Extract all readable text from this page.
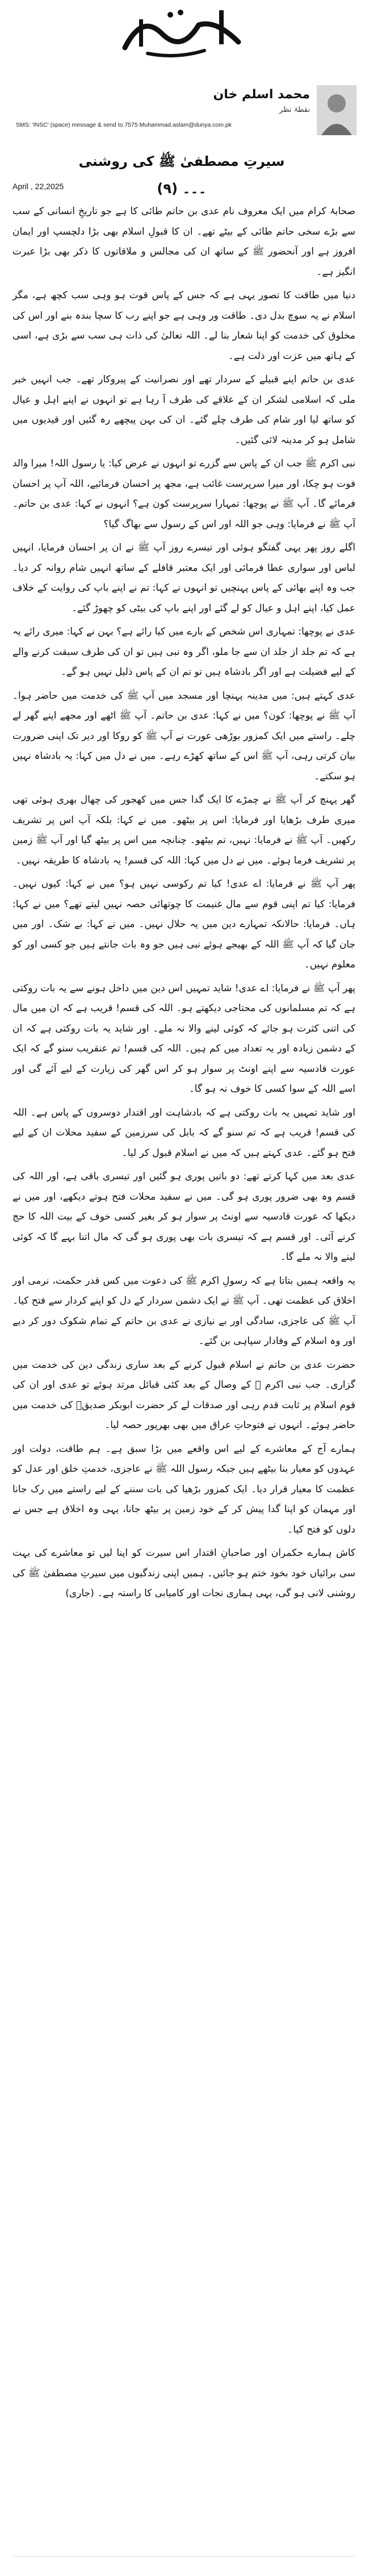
محمد اسلم خان
نقطۂ نظر
SMS: 'INSC' (space) message & send to 7575 Muhammad.aslam@dunya.com.pk
سیرتِ مصطفیٰ ﷺ کی روشنی ۔۔۔ (۹)
April , 22,2025

صحابۂ کرام میں ایک معروف نام عدی بن حاتم طائی کا ہے جو تاریخِ انسانی کے سب سے بڑے سخی حاتم طائی کے بیٹے تھے۔ ان کا قبولِ اسلام بھی بڑا دلچسپ اور ایمان افروز ہے اور آنحضور ﷺ کے ساتھ ان کی مجالس و ملاقاتوں کا ذکر بھی بڑا عبرت انگیز ہے۔

دنیا میں طاقت کا تصور یہی ہے کہ جس کے پاس قوت ہو وہی سب کچھ ہے، مگر اسلام نے یہ سوچ بدل دی۔ طاقت ور وہی ہے جو اپنے رب کا سچا بندہ بنے اور اس کی مخلوق کی خدمت کو اپنا شعار بنا لے۔ اللہ تعالیٰ کی ذات ہی سب سے بڑی ہے، اسی کے ہاتھ میں عزت اور ذلت ہے۔

عدی بن حاتم اپنے قبیلے کے سردار تھے اور نصرانیت کے پیروکار تھے۔ جب انہیں خبر ملی کہ اسلامی لشکر ان کے علاقے کی طرف آ رہا ہے تو انہوں نے اپنے اہل و عیال کو ساتھ لیا اور شام کی طرف چلے گئے۔ ان کی بہن پیچھے رہ گئیں اور قیدیوں میں شامل ہو کر مدینہ لائی گئیں۔

نبی اکرم ﷺ جب ان کے پاس سے گزرے تو انہوں نے عرض کیا: یا رسول اللہ! میرا والد فوت ہو چکا، اور میرا سرپرست غائب ہے، مجھ پر احسان فرمائیے، اللہ آپ پر احسان فرمائے گا۔ آپ ﷺ نے پوچھا: تمہارا سرپرست کون ہے؟ انہوں نے کہا: عدی بن حاتم۔ آپ ﷺ نے فرمایا: وہی جو اللہ اور اس کے رسول سے بھاگ گیا؟

اگلے روز پھر یہی گفتگو ہوئی اور تیسرے روز آپ ﷺ نے ان پر احسان فرمایا، انہیں لباس اور سواری عطا فرمائی اور ایک معتبر قافلے کے ساتھ انہیں شام روانہ کر دیا۔ جب وہ اپنے بھائی کے پاس پہنچیں تو انہوں نے کہا: تم نے اپنے باپ کی روایت کے خلاف عمل کیا، اپنے اہل و عیال کو لے گئے اور اپنے باپ کی بیٹی کو چھوڑ گئے۔

عدی نے پوچھا: تمہاری اس شخص کے بارے میں کیا رائے ہے؟ بہن نے کہا: میری رائے یہ ہے کہ تم جلد از جلد ان سے جا ملو، اگر وہ نبی ہیں تو ان کی طرف سبقت کرنے والے کے لیے فضیلت ہے اور اگر بادشاہ ہیں تو تم ان کے پاس ذلیل نہیں ہو گے۔

عدی کہتے ہیں: میں مدینہ پہنچا اور مسجد میں آپ ﷺ کی خدمت میں حاضر ہوا۔ آپ ﷺ نے پوچھا: کون؟ میں نے کہا: عدی بن حاتم۔ آپ ﷺ اٹھے اور مجھے اپنے گھر لے چلے۔ راستے میں ایک کمزور بوڑھی عورت نے آپ ﷺ کو روکا اور دیر تک اپنی ضرورت بیان کرتی رہی، آپ ﷺ اس کے ساتھ کھڑے رہے۔ میں نے دل میں کہا: یہ بادشاہ نہیں ہو سکتے۔

گھر پہنچ کر آپ ﷺ نے چمڑے کا ایک گدا جس میں کھجور کی چھال بھری ہوئی تھی میری طرف بڑھایا اور فرمایا: اس پر بیٹھو۔ میں نے کہا: بلکہ آپ اس پر تشریف رکھیں۔ آپ ﷺ نے فرمایا: نہیں، تم بیٹھو۔ چنانچہ میں اس پر بیٹھ گیا اور آپ ﷺ زمین پر تشریف فرما ہوئے۔ میں نے دل میں کہا: اللہ کی قسم! یہ بادشاہ کا طریقہ نہیں۔

پھر آپ ﷺ نے فرمایا: اے عدی! کیا تم رکوسی نہیں ہو؟ میں نے کہا: کیوں نہیں۔ فرمایا: کیا تم اپنی قوم سے مال غنیمت کا چوتھائی حصہ نہیں لیتے تھے؟ میں نے کہا: ہاں۔ فرمایا: حالانکہ تمہارے دین میں یہ حلال نہیں۔ میں نے کہا: بے شک۔ اور میں جان گیا کہ آپ ﷺ اللہ کے بھیجے ہوئے نبی ہیں جو وہ بات جانتے ہیں جو کسی اور کو معلوم نہیں۔

پھر آپ ﷺ نے فرمایا: اے عدی! شاید تمہیں اس دین میں داخل ہونے سے یہ بات روکتی ہے کہ تم مسلمانوں کی محتاجی دیکھتے ہو۔ اللہ کی قسم! قریب ہے کہ ان میں مال کی اتنی کثرت ہو جائے کہ کوئی لینے والا نہ ملے۔ اور شاید یہ بات روکتی ہے کہ ان کے دشمن زیادہ اور یہ تعداد میں کم ہیں۔ اللہ کی قسم! تم عنقریب سنو گے کہ ایک عورت قادسیہ سے اپنے اونٹ پر سوار ہو کر اس گھر کی زیارت کے لیے آئے گی اور اسے اللہ کے سوا کسی کا خوف نہ ہو گا۔

اور شاید تمہیں یہ بات روکتی ہے کہ بادشاہت اور اقتدار دوسروں کے پاس ہے۔ اللہ کی قسم! قریب ہے کہ تم سنو گے کہ بابل کی سرزمین کے سفید محلات ان کے لیے فتح ہو گئے۔ عدی کہتے ہیں کہ میں نے اسلام قبول کر لیا۔

عدی بعد میں کہا کرتے تھے: دو باتیں پوری ہو گئیں اور تیسری باقی ہے، اور اللہ کی قسم وہ بھی ضرور پوری ہو گی۔ میں نے سفید محلات فتح ہوتے دیکھے، اور میں نے دیکھا کہ عورت قادسیہ سے اونٹ پر سوار ہو کر بغیر کسی خوف کے بیت اللہ کا حج کرنے آئی۔ اور قسم ہے کہ تیسری بات بھی پوری ہو گی کہ مال اتنا بہے گا کہ کوئی لینے والا نہ ملے گا۔

یہ واقعہ ہمیں بتاتا ہے کہ رسولِ اکرم ﷺ کی دعوت میں کس قدر حکمت، نرمی اور اخلاق کی عظمت تھی۔ آپ ﷺ نے ایک دشمن سردار کے دل کو اپنے کردار سے فتح کیا۔ آپ ﷺ کی عاجزی، سادگی اور بے نیازی نے عدی بن حاتم کے تمام شکوک دور کر دیے اور وہ اسلام کے وفادار سپاہی بن گئے۔

حضرت عدی بن حاتم نے اسلام قبول کرنے کے بعد ساری زندگی دین کی خدمت میں گزاری۔ جب نبی اکرم ﷺ کے وصال کے بعد کئی قبائل مرتد ہوئے تو عدی اور ان کی قوم اسلام پر ثابت قدم رہی اور صدقات لے کر حضرت ابوبکر صدیقؓ کی خدمت میں حاضر ہوئے۔ انہوں نے فتوحاتِ عراق میں بھی بھرپور حصہ لیا۔

ہمارے آج کے معاشرے کے لیے اس واقعے میں بڑا سبق ہے۔ ہم طاقت، دولت اور عہدوں کو معیار بنا بیٹھے ہیں جبکہ رسول اللہ ﷺ نے عاجزی، خدمتِ خلق اور عدل کو عظمت کا معیار قرار دیا۔ ایک کمزور بڑھیا کی بات سننے کے لیے راستے میں رک جانا اور مہمان کو اپنا گدا پیش کر کے خود زمین پر بیٹھ جانا، یہی وہ اخلاق ہے جس نے دلوں کو فتح کیا۔

کاش ہمارے حکمران اور صاحبانِ اقتدار اس سیرت کو اپنا لیں تو معاشرے کی بہت سی برائیاں خود بخود ختم ہو جائیں۔ ہمیں اپنی زندگیوں میں سیرتِ مصطفیٰ ﷺ کی روشنی لانی ہو گی، یہی ہماری نجات اور کامیابی کا راستہ ہے۔ (جاری)
